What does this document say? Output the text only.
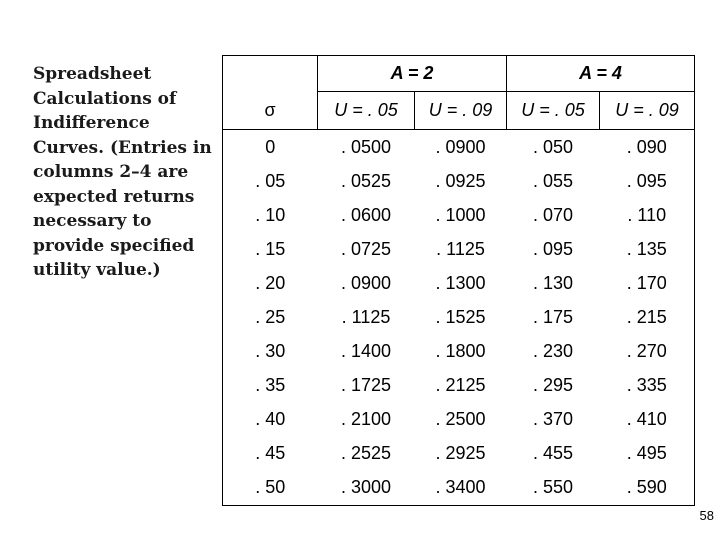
Spreadsheet Calculations of Indifference Curves. (Entries in columns 2–4 are expected returns necessary to provide specified utility value.)

	A = 2		A = 4	
σ	U = . 05	U = . 09	U = . 05	U = . 09
0	. 0500	. 0900	. 050	. 090
. 05	. 0525	. 0925	. 055	. 095
. 10	. 0600	. 1000	. 070	. 110
. 15	. 0725	. 1125	. 095	. 135
. 20	. 0900	. 1300	. 130	. 170
. 25	. 1125	. 1525	. 175	. 215
. 30	. 1400	. 1800	. 230	. 270
. 35	. 1725	. 2125	. 295	. 335
. 40	. 2100	. 2500	. 370	. 410
. 45	. 2525	. 2925	. 455	. 495
. 50	. 3000	. 3400	. 550	. 590
58
